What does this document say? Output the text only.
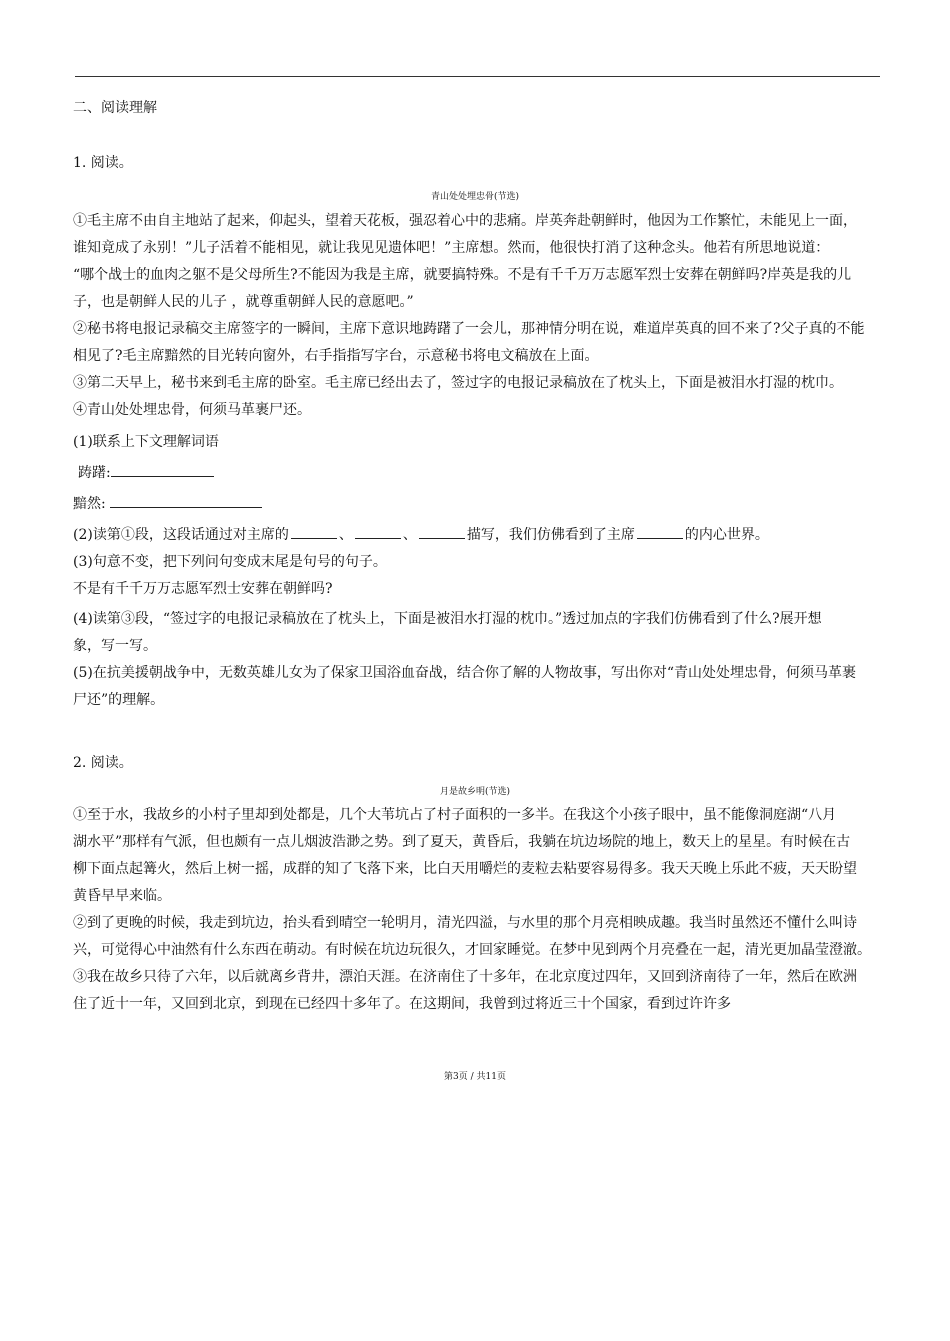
二、阅读理解
1. 阅读。
青山处处埋忠骨(节选)
①毛主席不由自主地站了起来，仰起头，望着天花板，强忍着心中的悲痛。岸英奔赴朝鲜时，他因为工作繁忙，未能见上一面，
谁知竟成了永别！”儿子活着不能相见，就让我见见遗体吧！”主席想。然而，他很快打消了这种念头。他若有所思地说道：
“哪个战士的血肉之躯不是父母所生?不能因为我是主席，就要搞特殊。不是有千千万万志愿军烈士安葬在朝鲜吗?岸英是我的儿
子，也是朝鲜人民的儿子 ，就尊重朝鲜人民的意愿吧。”
②秘书将电报记录稿交主席签字的一瞬间，主席下意识地踌躇了一会儿，那神情分明在说，难道岸英真的回不来了?父子真的不能
相见了?毛主席黯然的目光转向窗外，右手指指写字台，示意秘书将电文稿放在上面。
③第二天早上，秘书来到毛主席的卧室。毛主席已经出去了，签过字的电报记录稿放在了枕头上，下面是被泪水打湿的枕巾。
④青山处处埋忠骨，何须马革裹尸还。
(1)联系上下文理解词语
踌躇:
黯然:
(2)读第①段，这段话通过对主席的	、	、	描写，我们仿佛看到了主席	的内心世界。
(3)句意不变，把下列问句变成末尾是句号的句子。
不是有千千万万志愿军烈士安葬在朝鲜吗?
(4)读第③段，“签过字的电报记录稿放在了枕头上，下面是被泪水打湿的枕巾。”透过加点的字我们仿佛看到了什么?展开想
象，写一写。
(5)在抗美援朝战争中，无数英雄儿女为了保家卫国浴血奋战，结合你了解的人物故事，写出你对“青山处处埋忠骨，何须马革裹
尸还”的理解。
2. 阅读。
月是故乡明(节选)
①至于水，我故乡的小村子里却到处都是，几个大苇坑占了村子面积的一多半。在我这个小孩子眼中，虽不能像洞庭湖“八月
湖水平”那样有气派，但也颇有一点儿烟波浩渺之势。到了夏天，黄昏后，我躺在坑边场院的地上，数天上的星星。有时候在古
柳下面点起篝火，然后上树一摇，成群的知了飞落下来，比白天用嚼烂的麦粒去粘要容易得多。我天天晚上乐此不疲，天天盼望
黄昏早早来临。
②到了更晚的时候，我走到坑边，抬头看到晴空一轮明月，清光四溢，与水里的那个月亮相映成趣。我当时虽然还不懂什么叫诗
兴，可觉得心中油然有什么东西在萌动。有时候在坑边玩很久，才回家睡觉。在梦中见到两个月亮叠在一起，清光更加晶莹澄澈。
③我在故乡只待了六年，以后就离乡背井，漂泊天涯。在济南住了十多年，在北京度过四年，又回到济南待了一年，然后在欧洲
住了近十一年，又回到北京，到现在已经四十多年了。在这期间，我曾到过将近三十个国家，看到过许许多
第3页 / 共11页
